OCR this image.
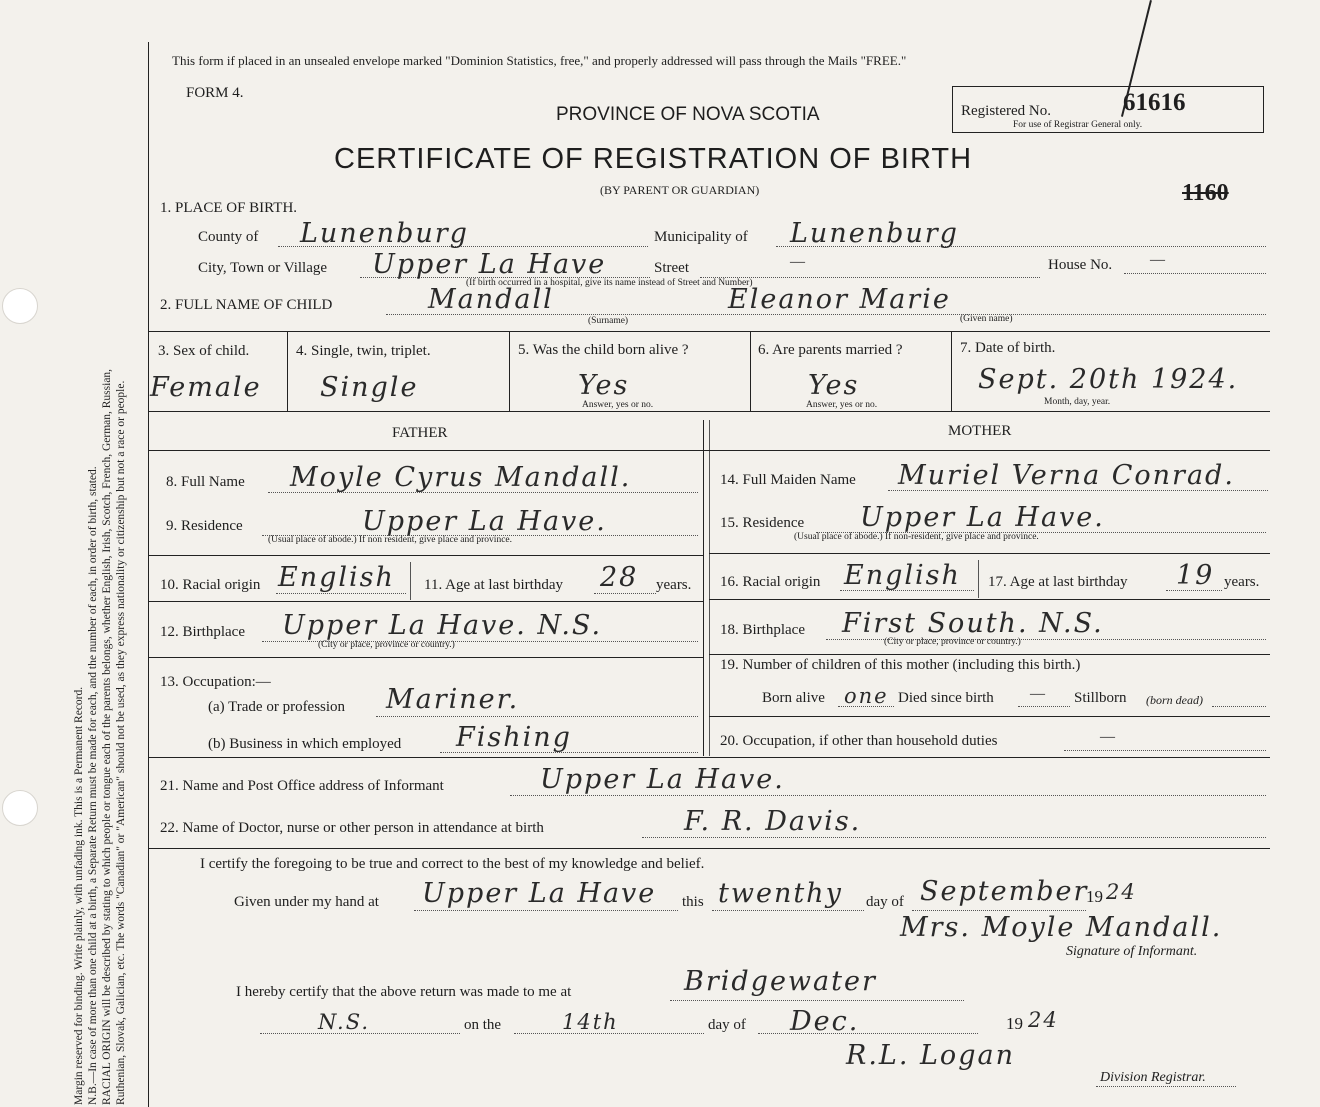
Margin reserved for binding. Write plainly, with unfading ink. This is a Permanent Record. N.B.—In case of more than one child at a birth, a Separate Return must be made for each, and the number of each, in order of birth, stated. RACIAL ORIGIN will be described by stating to which people or tongue each of the parents belongs, whether English, Irish, Scotch, French, German, Russian, Ruthenian, Slovak, Galician, etc. The words "Canadian" or "American" should not be used, as they express nationality or citizenship but not a race or people.
This form if placed in an unsealed envelope marked "Dominion Statistics, free," and properly addressed will pass through the Mails "FREE."
FORM 4.
PROVINCE OF NOVA SCOTIA
CERTIFICATE OF REGISTRATION OF BIRTH
(BY PARENT OR GUARDIAN)
Registered No.	61616
For use of Registrar General only.
1160
1. PLACE OF BIRTH.
County of Lunenburg	Municipality of Lunenburg
City, Town or Village Upper La Have	Street	—	House No.	—
(If birth occurred in a hospital, give its name instead of Street and Number)
2. FULL NAME OF CHILD	Mandall	Eleanor Marie
(Surname)	(Given name)
3. Sex of child.
Female
4. Single, twin, triplet.
Single
5. Was the child born alive ?
Yes
Answer, yes or no.
6. Are parents married ?
Yes
Answer, yes or no.
7. Date of birth.
Sept. 20th 1924.
Month, day, year.
FATHER	MOTHER
8. Full Name Moyle Cyrus Mandall.
9. Residence	Upper La Have.
(Usual place of abode.) If non resident, give place and province.
10. Racial origin English 11. Age at last birthday 28 years.
12. Birthplace Upper La Have. N.S.
(City or place, province or country.)
13. Occupation:—
(a) Trade or profession Mariner.
(b) Business in which employed Fishing
14. Full Maiden Name Muriel Verna Conrad.
15. Residence Upper La Have.
(Usual place of abode.) If non-resident, give place and province.
16. Racial origin English 17. Age at last birthday 19 years.
18. Birthplace First South. N.S.
(City or place, province or country.)
19. Number of children of this mother (including this birth.)
Born alive one Died since birth — Stillborn (born dead)
20. Occupation, if other than household duties	—
21. Name and Post Office address of Informant	Upper La Have.
22. Name of Doctor, nurse or other person in attendance at birth	F. R. Davis.
I certify the foregoing to be true and correct to the best of my knowledge and belief.
Given under my hand at Upper La Have this twenthy day of September
19 24
Mrs. Moyle Mandall.
Signature of Informant.
I hereby certify that the above return was made to me at	Bridgewater
N.S.	on the	14th	day of Dec.	19 24
R.L. Logan
Division Registrar.
